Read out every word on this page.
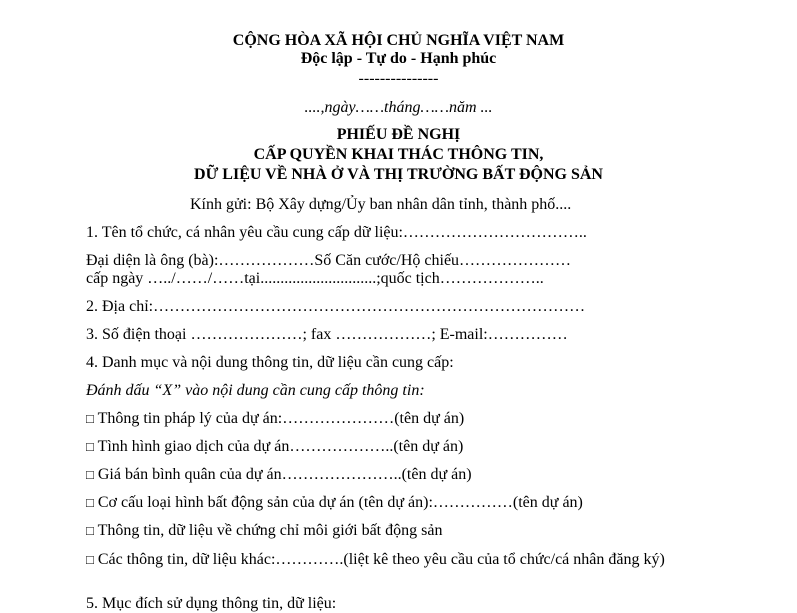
CỘNG HÒA XÃ HỘI CHỦ NGHĨA VIỆT NAM
Độc lập - Tự do - Hạnh phúc
---------------
....,ngày……tháng……năm ...
PHIẾU ĐỀ NGHỊ
CẤP QUYỀN KHAI THÁC THÔNG TIN,
DỮ LIỆU VỀ NHÀ Ở VÀ THỊ TRƯỜNG BẤT ĐỘNG SẢN
Kính gửi: Bộ Xây dựng/Ủy ban nhân dân tỉnh, thành phố....
1. Tên tổ chức, cá nhân yêu cầu cung cấp dữ liệu:……………………………..
Đại diện là ông (bà):………………Số Căn cước/Hộ chiếu…………………
cấp ngày …../……/……tại.............................;quốc tịch………………..
2. Địa chỉ:………………………………………………………………………
3. Số điện thoại …………………; fax ………………; E-mail:……………
4. Danh mục và nội dung thông tin, dữ liệu cần cung cấp:
Đánh dấu “X” vào nội dung cần cung cấp thông tin:
□ Thông tin pháp lý của dự án:…………………(tên dự án)
□ Tình hình giao dịch của dự án………………..(tên dự án)
□ Giá bán bình quân của dự án…………………..(tên dự án)
□ Cơ cấu loại hình bất động sản của dự án (tên dự án):……………(tên dự án)
□ Thông tin, dữ liệu về chứng chỉ môi giới bất động sản
□ Các thông tin, dữ liệu khác:………….(liệt kê theo yêu cầu của tổ chức/cá nhân đăng ký)
5. Mục đích sử dụng thông tin, dữ liệu:
